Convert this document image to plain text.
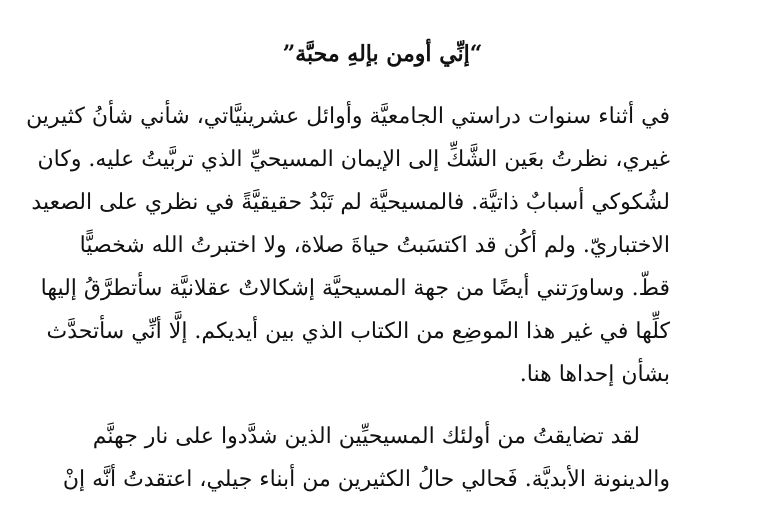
“إنِّي أومن بإلهِ محبَّة”
في أثناء سنوات دراستي الجامعيَّة وأوائل عشرينيَّاتي، شأني شأنُ كثيرين
غيري، نظرتُ بعَين الشَّكِّ إلى الإيمان المسيحيِّ الذي تربَّيتُ عليه. وكان
لشُكوكي أسبابٌ ذاتيَّة. فالمسيحيَّة لم تَبْدُ حقيقيَّةً في نظري على الصعيد
الاختباريّ. ولم أكُن قد اكتسَبتُ حياةَ صلاة، ولا اختبرتُ الله شخصيًّا
قطّ. وساورَتني أيضًا من جهة المسيحيَّة إشكالاتٌ عقلانيَّة سأتطرَّقُ إليها
كلِّها في غير هذا الموضِع من الكتاب الذي بين أيديكم. إلَّا أنِّي سأتحدَّث
بشأن إحداها هنا.
لقد تضايقتُ من أولئك المسيحيِّين الذين شدَّدوا على نار جهنَّم
والدينونة الأبديَّة. فَحالي حالُ الكثيرين من أبناء جيلي، اعتقدتُ أنَّه إنْ
